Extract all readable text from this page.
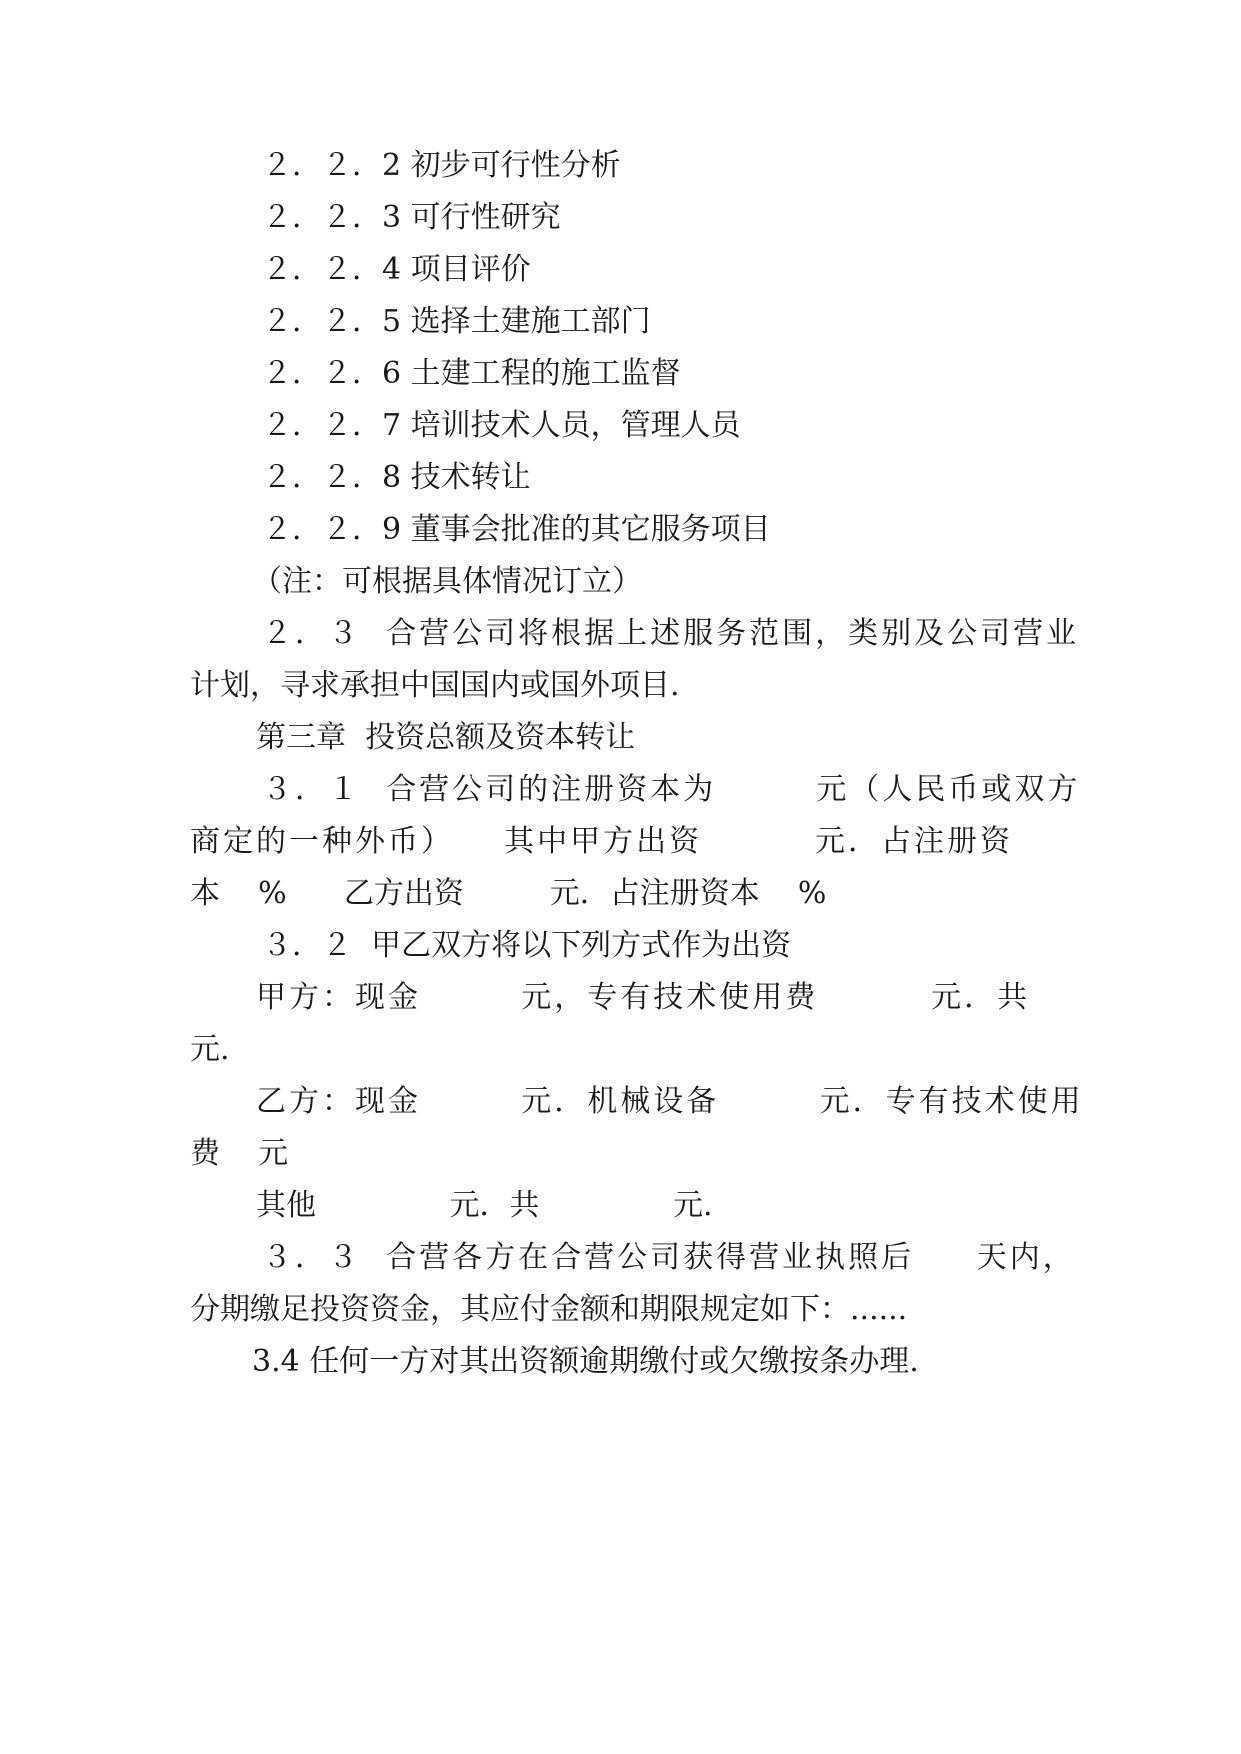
２．２．2 初步可行性分析
２．２．3 可行性研究
２．２．4 项目评价
２．２．5 选择土建施工部门
２．２．6 土建工程的施工监督
２．２．7 培训技术人员，管理人员
２．２．8 技术转让
２．２．9 董事会批准的其它服务项目
（注：可根据具体情况订立）
２．３  合营公司将根据上述服务范围，类别及公司营业
计划，寻求承担中国国内或国外项目.
第三章  投资总额及资本转让
３．１  合营公司的注册资本为        元（人民币或双方
商定的一种外币）    其中甲方出资         元．占注册资
本    %      乙方出资         元．占注册资本    %
３．２  甲乙双方将以下列方式作为出资
甲方：现金        元，专有技术使用费         元．共
元.
乙方：现金        元．机械设备        元．专有技术使用
费    元
其他              元．共              元.
３．３  合营各方在合营公司获得营业执照后     天内，
分期缴足投资资金，其应付金额和期限规定如下：......
3.4 任何一方对其出资额逾期缴付或欠缴按条办理.
